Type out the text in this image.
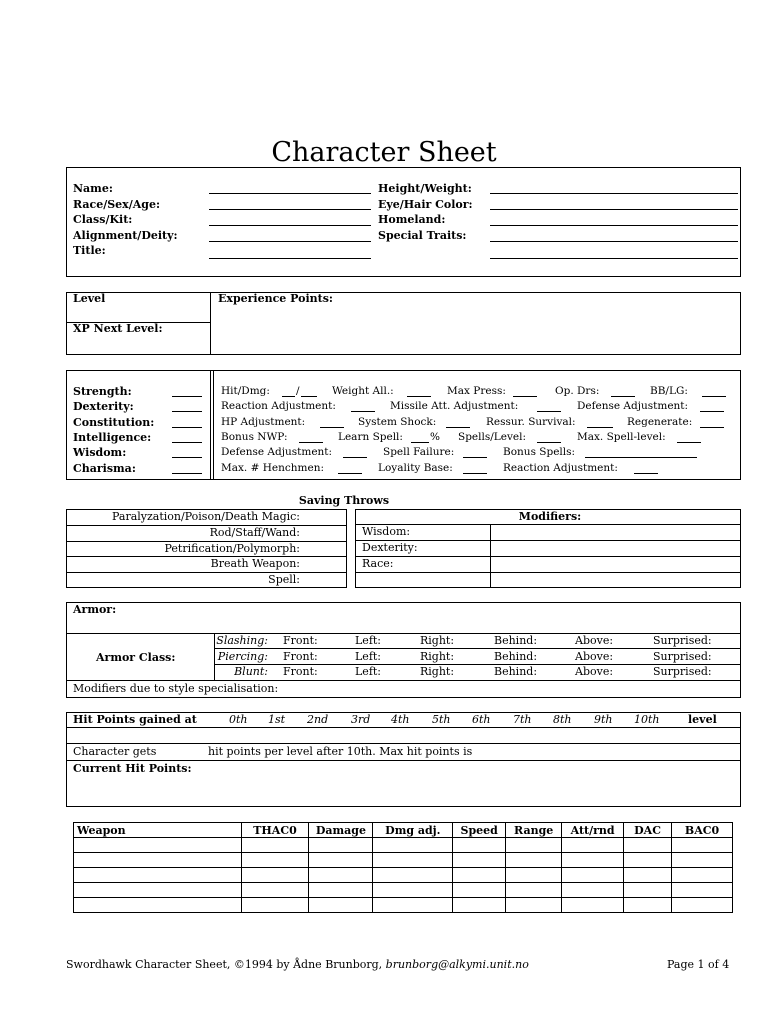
Character Sheet
Name:
Race/Sex/Age:
Class/Kit:
Alignment/Deity:
Title:
Height/Weight:
Eye/Hair Color:
Homeland:
Special Traits:
Level
XP Next Level:
Experience Points:
Strength:
Dexterity:
Constitution:
Intelligence:
Wisdom:
Charisma:
Hit/Dmg: /	Weight All.:	Max Press:	Op. Drs:	BB/LG:
Reaction Adjustment:	Missile Att. Adjustment:	Defense Adjustment:
HP Adjustment:	System Shock:	Ressur. Survival:	Regenerate:
Bonus NWP:	Learn Spell:	% Spells/Level:	Max. Spell-level:
Defense Adjustment:	Spell Failure:	Bonus Spells:
Max. # Henchmen:	Loyality Base:	Reaction Adjustment:
Saving Throws
Paralyzation/Poison/Death Magic:
Rod/Staff/Wand:
Petrification/Polymorph:
Breath Weapon:
Spell:
Modifiers:
Wisdom:
Dexterity:
Race:
Armor:
Armor Class:
Slashing: Front:	Left:	Right:	Behind:	Above:	Surprised:
Piercing: Front:	Left:	Right:	Behind:	Above:	Surprised:
Blunt: Front:	Left:	Right:	Behind:	Above:	Surprised:
Modifiers due to style specialisation:
Hit Points gained at	0th 1st 2nd 3rd 4th 5th 6th 7th 8th 9th 10th	level
Character gets	hit points per level after 10th. Max hit points is
Current Hit Points:
Weapon	THAC0	Damage	Dmg adj.	Speed	Range	Att/rnd	DAC	BAC0

Swordhawk Character Sheet, ©1994 by Ådne Brunborg, brunborg@alkymi.unit.no	Page 1 of 4
